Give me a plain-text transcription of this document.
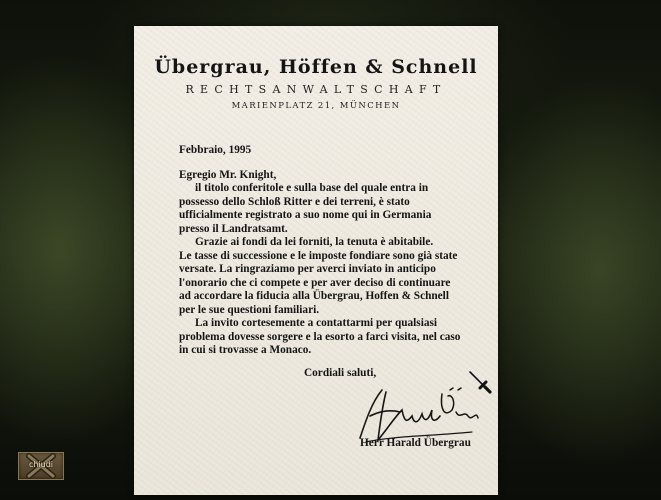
Übergrau, Höffen & Schnell
RECHTSANWALTSCHAFT
MARIENPLATZ 21, MÜNCHEN
Febbraio, 1995
Egregio Mr. Knight,
il titolo conferitole e sulla base del quale entra in
possesso dello Schloß Ritter e dei terreni, è stato
ufficialmente registrato a suo nome qui in Germania
presso il Landratsamt.
Grazie ai fondi da lei forniti, la tenuta è abitabile.
Le tasse di successione e le imposte fondiare sono già state
versate. La ringraziamo per averci inviato in anticipo
l'onorario che ci compete e per aver deciso di continuare
ad accordare la fiducia alla Übergrau, Hoffen & Schnell
per le sue questioni familiari.
La invito cortesemente a contattarmi per qualsiasi
problema dovesse sorgere e la esorto a farci visita, nel caso
in cui si trovasse a Monaco.
Cordiali saluti,
Herr Harald Übergrau
chiudi
